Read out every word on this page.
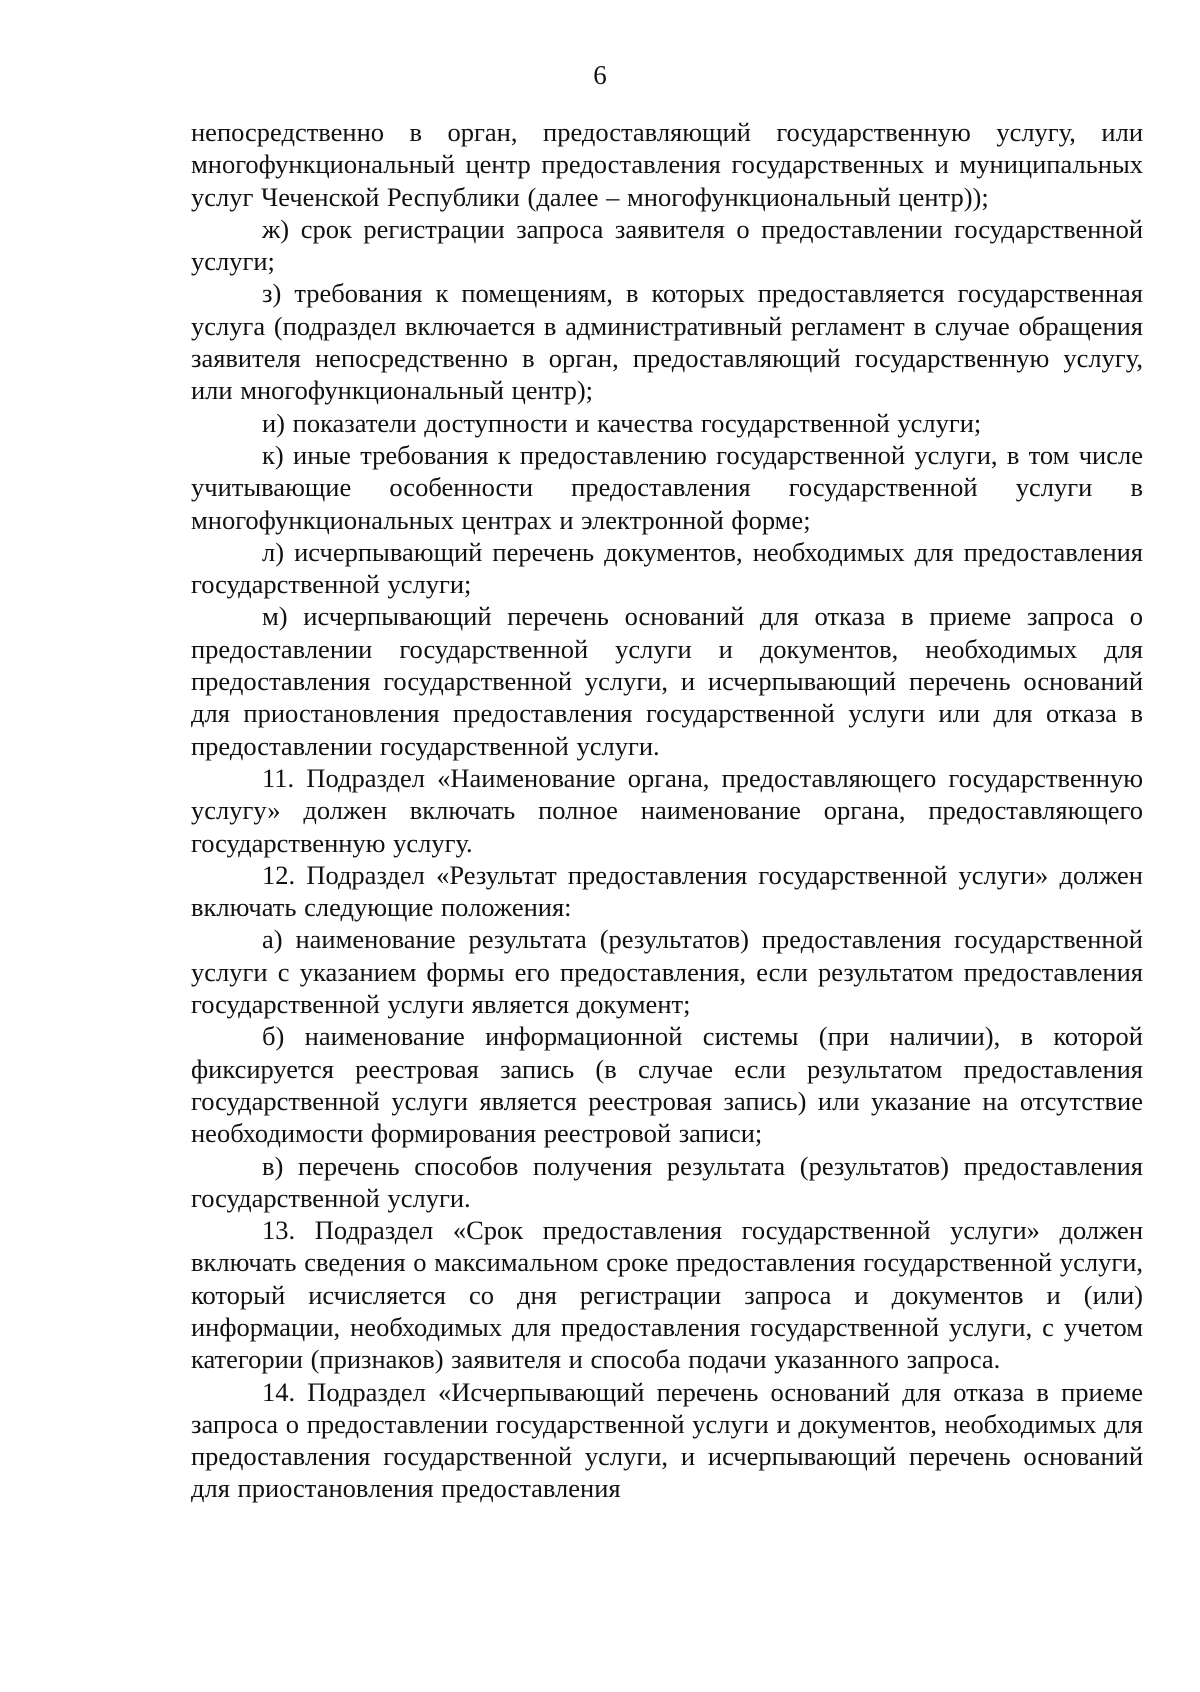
6

непосредственно в орган, предоставляющий государственную услугу, или многофункциональный центр предоставления государственных и муниципальных услуг Чеченской Республики (далее – многофункциональный центр));

ж) срок регистрации запроса заявителя о предоставлении государственной услуги;

з) требования к помещениям, в которых предоставляется государственная услуга (подраздел включается в административный регламент в случае обращения заявителя непосредственно в орган, предоставляющий государственную услугу, или многофункциональный центр);

и) показатели доступности и качества государственной услуги;

к) иные требования к предоставлению государственной услуги, в том числе учитывающие особенности предоставления государственной услуги в многофункциональных центрах и электронной форме;

л) исчерпывающий перечень документов, необходимых для предоставления государственной услуги;

м) исчерпывающий перечень оснований для отказа в приеме запроса о предоставлении государственной услуги и документов, необходимых для предоставления государственной услуги, и исчерпывающий перечень оснований для приостановления предоставления государственной услуги или для отказа в предоставлении государственной услуги.

11. Подраздел «Наименование органа, предоставляющего государственную услугу» должен включать полное наименование органа, предоставляющего государственную услугу.

12. Подраздел «Результат предоставления государственной услуги» должен включать следующие положения:

а) наименование результата (результатов) предоставления государственной услуги с указанием формы его предоставления, если результатом предоставления государственной услуги является документ;

б) наименование информационной системы (при наличии), в которой фиксируется реестровая запись (в случае если результатом предоставления государственной услуги является реестровая запись) или указание на отсутствие необходимости формирования реестровой записи;

в) перечень способов получения результата (результатов) предоставления государственной услуги.

13. Подраздел «Срок предоставления государственной услуги» должен включать сведения о максимальном сроке предоставления государственной услуги, который исчисляется со дня регистрации запроса и документов и (или) информации, необходимых для предоставления государственной услуги, с учетом категории (признаков) заявителя и способа подачи указанного запроса.

14. Подраздел «Исчерпывающий перечень оснований для отказа в приеме запроса о предоставлении государственной услуги и документов, необходимых для предоставления государственной услуги, и исчерпывающий перечень оснований для приостановления предоставления
